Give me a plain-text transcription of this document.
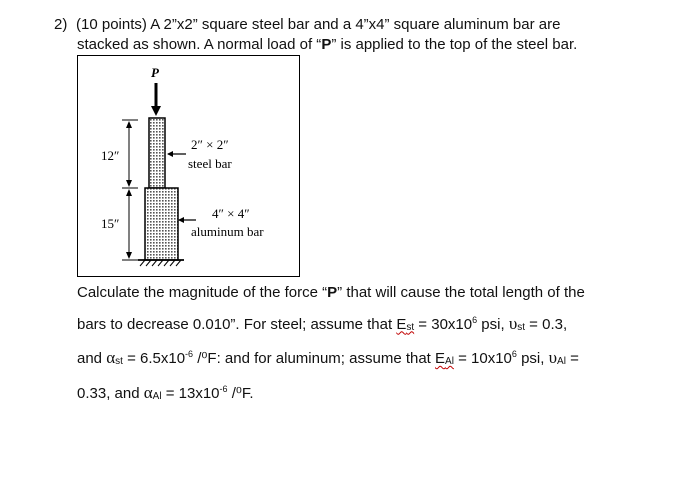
2) (10 points) A 2”x2” square steel bar and a 4”x4” square aluminum bar are
stacked as shown. A normal load of “P” is applied to the top of the steel bar.
P
12″
15″
2″ × 2″
steel bar
4″ × 4″
aluminum bar
Calculate the magnitude of the force “P” that will cause the total length of the
bars to decrease 0.010”. For steel; assume that Est = $30x10^6$ psi, υst = 0.3,
and $\alpha st = 6.5x10^{-6}$ /⁰F: and for aluminum; assume that EAl = $10x10^6$ psi, υAl =
0.33, and $\alpha Al = 13x10^{-6}$ /⁰F.
